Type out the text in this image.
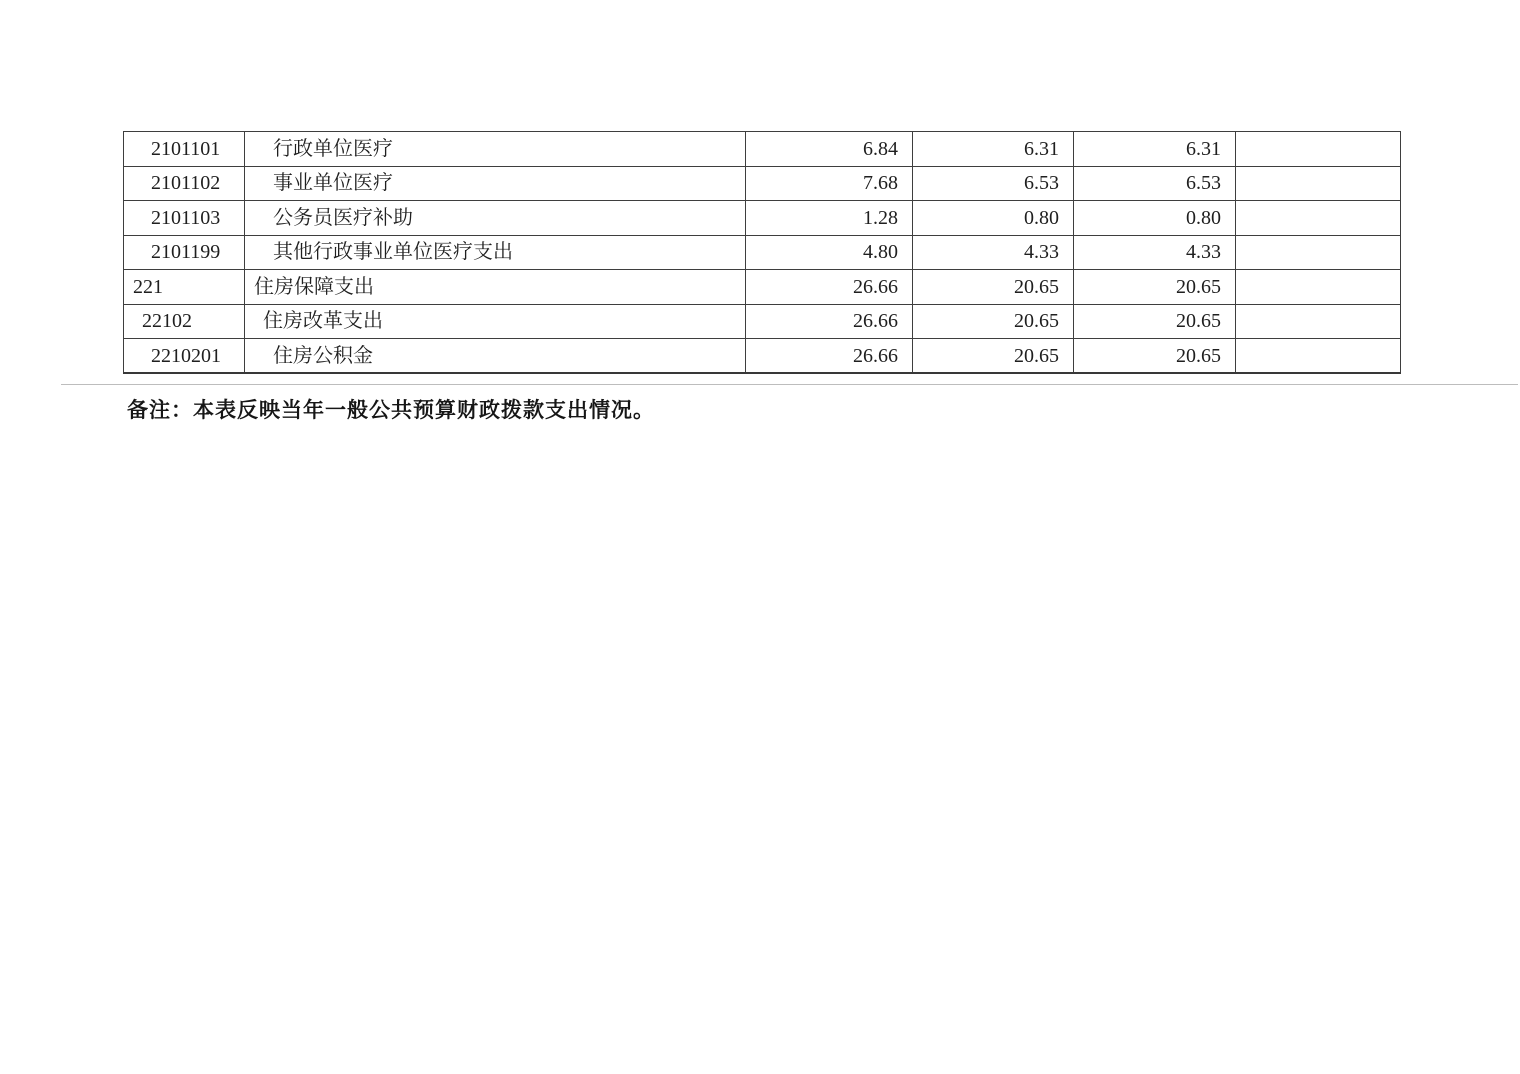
2101101	行政单位医疗	6.84	6.31	6.31	
2101102	事业单位医疗	7.68	6.53	6.53	
2101103	公务员医疗补助	1.28	0.80	0.80	
2101199	其他行政事业单位医疗支出	4.80	4.33	4.33	
221	住房保障支出	26.66	20.65	20.65	
22102	住房改革支出	26.66	20.65	20.65	
2210201	住房公积金	26.66	20.65	20.65	
备注：本表反映当年一般公共预算财政拨款支出情况。
